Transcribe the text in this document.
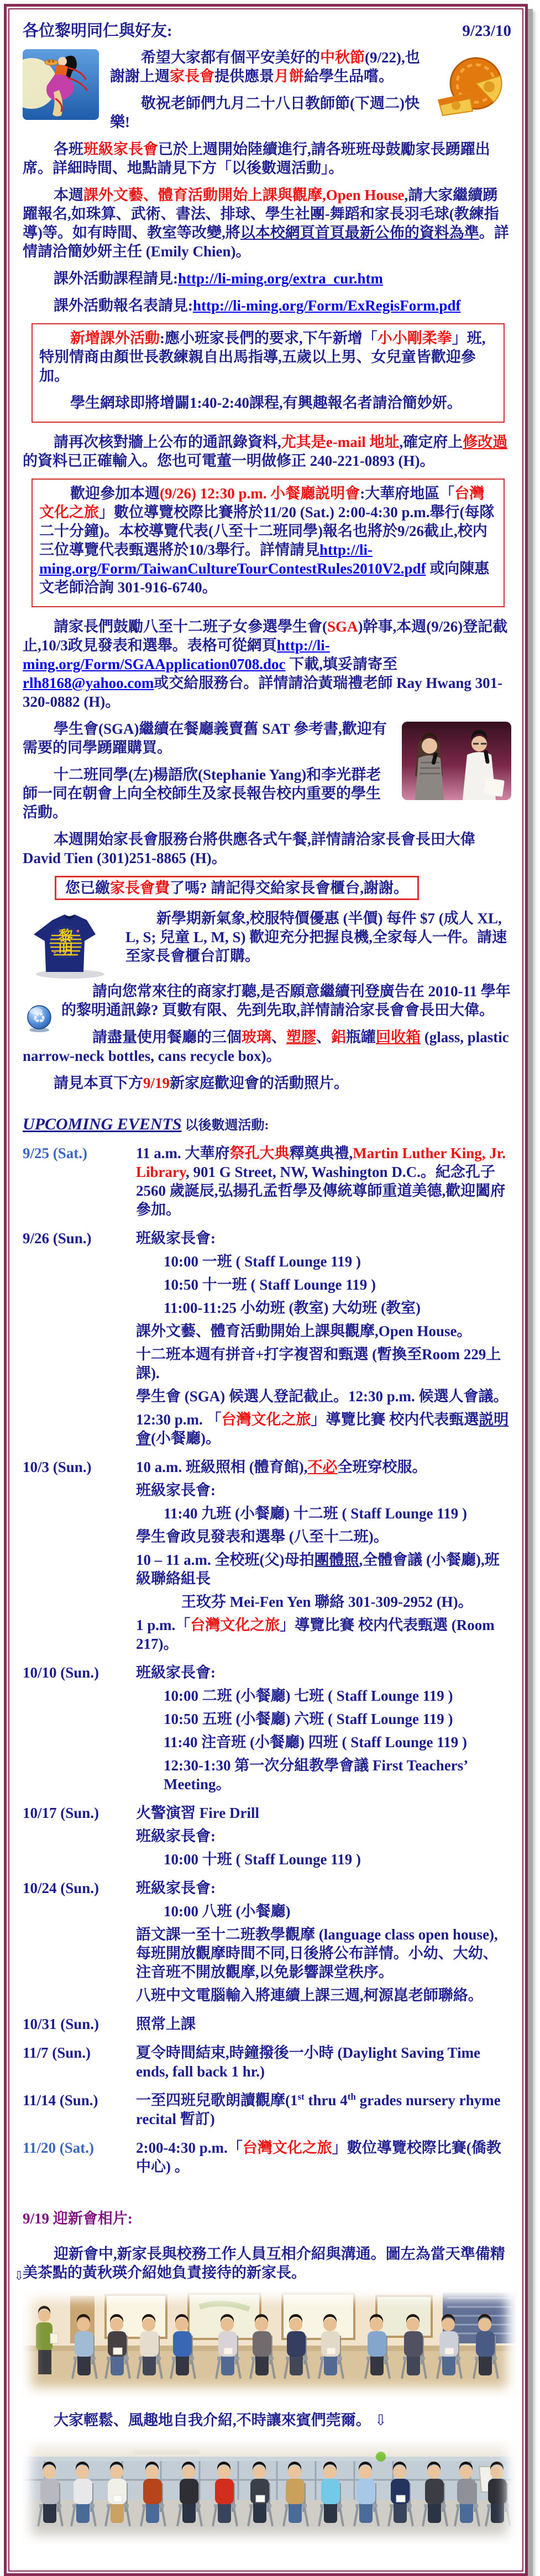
各位黎明同仁與好友:	9/23/10

希望大家都有個平安美好的中秋節(9/22),也謝謝上週家長會提供應景月餅給學生品嚐。

敬祝老師們九月二十八日教師節(下週二)快樂!

各班班級家長會已於上週開始陸續進行,請各班班母鼓勵家長踴躍出席。詳細時間、地點請見下方「以後數週活動」。

本週課外文藝、體育活動開始上課與觀摩,Open House,請大家繼續踴躍報名,如珠算、武術、書法、排球、學生社團-舞蹈和家長羽毛球(教練指導)等。如有時間、教室等改變,將以本校網頁首頁最新公佈的資料為準。詳情請洽簡妙妍主任 (Emily Chien)。

課外活動課程請見:http://li-ming.org/extra_cur.htm

課外活動報名表請見:http://li-ming.org/Form/ExRegisForm.pdf

新增課外活動:應小班家長們的要求,下午新增「小小剛柔拳」班,特別情商由顏世長教練親自出馬指導,五歲以上男、女兒童皆歡迎參加。

學生網球即將增闢1:40-2:40課程,有興趣報名者請洽簡妙妍。

請再次核對牆上公布的通訊錄資料,尤其是e-mail 地址,確定府上修改過的資料已正確輸入。您也可電董一明做修正 240-221-0893 (H)。

歡迎參加本週(9/26) 12:30 p.m. 小餐廳説明會:大華府地區「台灣文化之旅」數位導覽校際比賽將於11/20 (Sat.) 2:00-4:30 p.m.舉行(每隊二十分鐘)。本校導覽代表(八至十二班同學)報名也將於9/26截止,校内三位導覽代表甄選將於10/3舉行。詳情請見http://li-ming.org/Form/TaiwanCultureTourContestRules2010V2.pdf 或向陳惠文老師洽詢 301-916-6740。

請家長們鼓勵八至十二班子女參選學生會(SGA)幹事,本週(9/26)登記截止,10/3政見發表和選舉。表格可從網頁http://li-ming.org/Form/SGAApplication0708.doc 下載,填妥請寄至rlh8168@yahoo.com或交給服務台。詳情請洽黃瑞禮老師 Ray Hwang 301-320-0882 (H)。

學生會(SGA)繼續在餐廳義賣舊 SAT 參考書,歡迎有需要的同學踴躍購買。

十二班同學(左)楊語欣(Stephanie Yang)和李光群老師一同在朝會上向全校師生及家長報告校内重要的學生活動。

本週開始家長會服務台將供應各式午餐,詳情請洽家長會長田大偉 David Tien (301)251-8865 (H)。

您已繳家長會費了嗎? 請記得交給家長會櫃台,謝謝。

黎
明

新學期新氣象,校服特價優惠 (半價) 每件 $7 (成人 XL, L, S; 兒童 L, M, S) 歡迎充分把握良機,全家每人一件。請速至家長會櫃台訂購。

♻

請向您常來往的商家打聽,是否願意繼續刊登廣告在 2010-11 學年的黎明通訊錄? 頁數有限、先到先取,詳情請洽家長會會長田大偉。

請盡量使用餐廳的三個玻璃、塑膠、鋁瓶罐回收箱 (glass, plastic narrow-neck bottles, cans recycle box)。

請見本頁下方9/19新家庭歡迎會的活動照片。

UPCOMING EVENTS 以後數週活動:
9/25 (Sat.)	11 a.m. 大華府祭孔大典釋奠典禮,Martin Luther King, Jr. Library, 901 G Street, NW, Washington D.C.。紀念孔子2560 歲誕辰,弘揚孔孟哲學及傳統尊師重道美德,歡迎闔府參加。
9/26 (Sun.)	班級家長會:
10:00 一班 ( Staff Lounge 119 )
10:50 十一班 ( Staff Lounge 119 )
11:00-11:25 小幼班 (教室) 大幼班 (教室)
課外文藝、體育活動開始上課與觀摩,Open House。
十二班本週有拼音+打字複習和甄選 (暫換至Room 229上課).
學生會 (SGA) 候選人登記截止。12:30 p.m. 候選人會議。
12:30 p.m. 「台灣文化之旅」導覽比賽 校内代表甄選説明會(小餐廳)。
10/3 (Sun.)	10 a.m. 班級照相 (體育館),不必全班穿校服。
班級家長會:
11:40 九班 (小餐廳) 十二班 ( Staff Lounge 119 )
學生會政見發表和選舉 (八至十二班)。
10 – 11 a.m. 全校班(父)母拍團體照,全體會議 (小餐廳),班級聯絡組長
王玫芬 Mei-Fen Yen 聯絡 301-309-2952 (H)。
1 p.m.「台灣文化之旅」導覽比賽 校内代表甄選 (Room 217)。
10/10 (Sun.)	班級家長會:
10:00 二班 (小餐廳) 七班 ( Staff Lounge 119 )
10:50 五班 (小餐廳) 六班 ( Staff Lounge 119 )
11:40 注音班 (小餐廳) 四班 ( Staff Lounge 119 )
12:30-1:30 第一次分組教學會議 First Teachers’ Meeting。
10/17 (Sun.)	火警演習 Fire Drill
班級家長會:
10:00 十班 ( Staff Lounge 119 )
10/24 (Sun.)	班級家長會:
10:00 八班 (小餐廳)
語文課一至十二班教學觀摩 (language class open house),每班開放觀摩時間不同,日後將公布詳情。小幼、大幼、注音班不開放觀摩,以免影響課堂秩序。
八班中文電腦輸入將連續上課三週,柯源崑老師聯絡。
10/31 (Sun.)	照常上課
11/7 (Sun.)	夏令時間結束,時鐘撥後一小時 (Daylight Saving Time ends, fall back 1 hr.)
11/14 (Sun.)	一至四班兒歌朗讀觀摩(1st thru 4th grades nursery rhyme recital 暫訂)
11/20 (Sat.)	2:00-4:30 p.m.「台灣文化之旅」數位導覽校際比賽(僑教中心) 。
9/19 迎新會相片:
⇩

迎新會中,新家長與校務工作人員互相介紹與溝通。圖左為當天準備精美茶點的黃秋瑛介紹她負責接待的新家長。

大家輕鬆、風趣地自我介紹,不時讓來賓們莞爾。 ⇩
